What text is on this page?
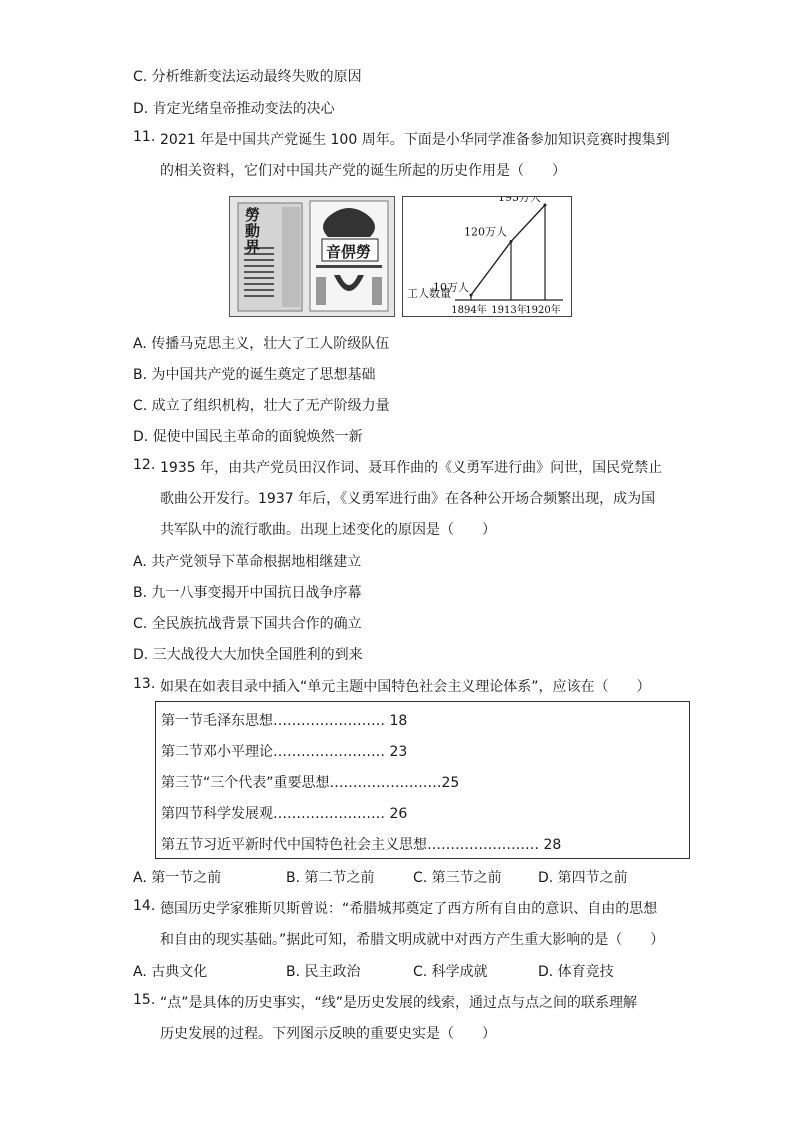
C. 分析维新变法运动最终失败的原因
D. 肯定光绪皇帝推动变法的决心
11. 2021 年是中国共产党诞生 100 周年。下面是小华同学准备参加知识竞赛时搜集到
的相关资料，它们对中国共产党的诞生所起的历史作用是（　　）
勞動界	音㑭勞
1894年 1913年
1920年
10万人
120万人
195万人
工人数量
A. 传播马克思主义，壮大了工人阶级队伍
B. 为中国共产党的诞生奠定了思想基础
C. 成立了组织机构，壮大了无产阶级力量
D. 促使中国民主革命的面貌焕然一新
12. 1935 年，由共产党员田汉作词、聂耳作曲的《义勇军进行曲》问世，国民党禁止
歌曲公开发行。1937 年后，《义勇军进行曲》在各种公开场合频繁出现，成为国
共军队中的流行歌曲。出现上述变化的原因是（　　）
A. 共产党领导下革命根据地相继建立
B. 九一八事变揭开中国抗日战争序幕
C. 全民族抗战背景下国共合作的确立
D. 三大战役大大加快全国胜利的到来
13. 如果在如表目录中插入“单元主题中国特色社会主义理论体系”，应该在（　　）
第一节毛泽东思想…………………… 18
第二节邓小平理论…………………… 23
第三节“三个代表”重要思想……………………25
第四节科学发展观…………………… 26
第五节习近平新时代中国特色社会主义思想…………………… 28
A. 第一节之前	B. 第二节之前	C. 第三节之前	D. 第四节之前
14. 德国历史学家雅斯贝斯曾说：“希腊城邦奠定了西方所有自由的意识、自由的思想
和自由的现实基础。”据此可知，希腊文明成就中对西方产生重大影响的是（　　）
A. 古典文化	B. 民主政治	C. 科学成就	D. 体育竞技
15. “点”是具体的历史事实，“线”是历史发展的线索，通过点与点之间的联系理解
历史发展的过程。下列图示反映的重要史实是（　　）
